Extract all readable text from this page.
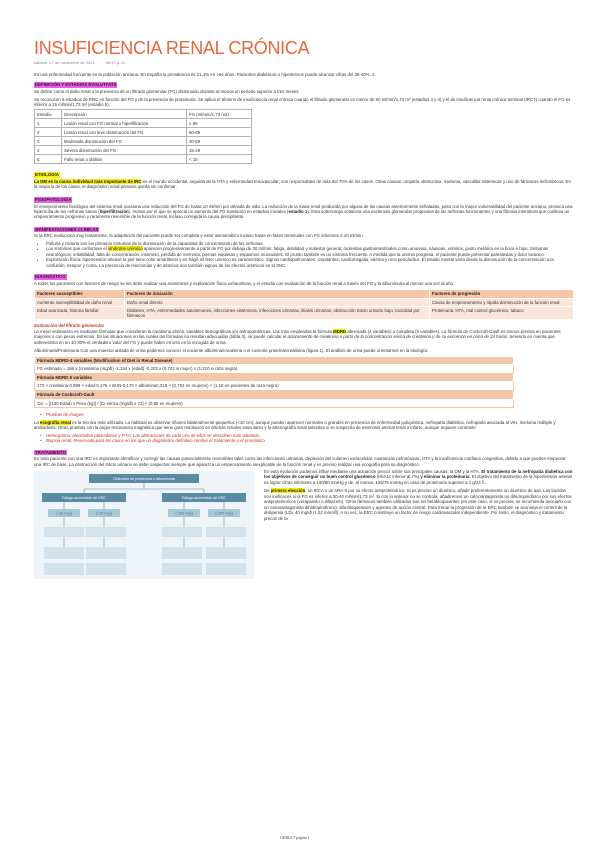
INSUFICIENCIA RENAL CRÓNICA
sábado, 27 de noviembre de 2021	06:47 p. m.

Es una enfermedad frecuente en la población anciana. En España la prevalencia es 21,4% en >64 años. Pacientes diabéticos o hipertensos puede alcanzar cifras del 35-40%. 2.

DEFINICIÓN Y ESTADIOS EVOLUTIVOS

Se define como el daño renal o la presencia de un filtrado glomerular (FG) disminuido durante al menos un periodo superior a tres meses.

Se reconocen 5 estadios de ERC en función del FG y de la presencia de proteinuria. Se aplica el término de insuficiencia renal crónica cuando el filtrado glomerular es menor de 60 ml/min/1,73 m² (estadios 3 y 4) y el de insuficiencia renal crónica terminal (IRCT) cuando el FG es inferior a 15 ml/min/1,73 m² (estadio 5).

Estadio	Descripción	FG (ml/min/1,73 m2)
1	Lesión renal con FG normal o hiperfiltración	≥ 90
2	Lesión renal con leve disminución del FG	60-89
3	Moderada disminución del FG	30-59
4	Severa disminución del FG	15-29
5	Fallo renal o diálisis	< 15
ETIOLOGÍA

La DM es la causa individual más importante de IRC en el mundo occidental, seguida de la HTA y enfermedad renovascular; son responsables de más del 70% de los casos. Otras causas: uropatía obstructiva, mieloma, vasculitis sistémicas y uso de fármacos nefrotóxicos. En la mayoría de los casos, el diagnóstico renal primario queda sin confirmar.

FISIOPATOLOGÍA

El envejecimiento fisiológico del sistema renal ocasiona una reducción del FG de hasta 10 ml/min por década de vida. La reducción de la masa renal producida por alguna de las causas anteriormente señaladas, junto con la mayor vulnerabilidad del paciente anciano, provoca una hipertrofia de las nefronas sanas (hiperfiltración), motivo por el que se aprecia un aumento del FG transitorio en estadios iniciales (estadio 1). Esta sobrecarga ocasiona una esclerosis glomerular progresiva de las nefronas funcionantes y una fibrosis intersticial que conlleva un empeoramiento progresivo y raramente reversible de la función renal, incluso corregida la causa precipitante.

MANIFESTACIONES CLÍNICAS

Si la ERC evoluciona muy lentamente, la adaptación del paciente puede ser completa y estar asintomático incluso hasta en fases terminales con FG inferiores a 10 ml/min.

• Poliuria y nicturia son los primeros síntomas de la disminución de la capacidad de concentración de las nefronas.
• Los síntomas que conforman el síndrome urémico aparecen progresivamente a partir de FG por debajo de 30 ml/min: fatiga, debilidad y malestar general; molestias gastrointestinales como anorexia, náuseas, vómitos, gusto metálico en la boca e hipo. Síntomas neurológicos: irritabilidad, falta de concentración, insomnio, pérdida de memoria, piernas inquietas y espasmos musculares. El prurito también es un síntoma frecuente. A medida que la uremia progresa, el paciente puede presentar parestesias y dolor torácico.
• Exploración física: hipertensión arterial; la piel tiene color amarillento y es frágil. El fetor urémico es característico. Signos cardiopulmonares: crepitantes, cardiomegalia, edema y roce pericárdico. El estado mental varía desde la disminución de la concentración a la confusión, estupor y coma. La presencia de miocIonías y de asterixis son también signos de los efectos urémicos en el SNC.
DIAGNÓSTICO

A todos los pacientes con factores de riesgo se les debe realizar una anamnesis y exploración física exhaustivas, y el estudio con evaluación de la función renal a través del FG y la albuminuria al menos una vez al año.

Factores susceptibles	Factores de iniciación	Factores de progresión
Aumento susceptibilidad de daño renal	Daño renal directo	Causa de empeoramiento y rápida disminución de la función renal
Edad avanzada, historia familiar	Diabetes, HTA, enfermedades autoinmunes, infecciones sistémicas, infecciones urinarias, litiasis urinarias, obstrucción tracto urinario bajo, toxicidad por fármacos	Proteinuria, HTA, mal control glucémico, tabaco
Estimación del filtrado glomerular

La mejor estimación es mediante fórmulas que consideran la creatinina sérica, variables demográficas y/o antropométricas. Las más empleadas la fórmula MDRD abreviada (4 variables) o completa (6 variables). La fórmula de Cockcroft-Gault es menos precisa en pacientes mayores o con pesos extremos. En las situaciones en las cuales las fórmulas no resultan adecuadas (tabla 3), se puede calcular el aclaramiento de creatinina a partir de la concentración sérica de creatinina y de su excreción en orina de 24 horas, teniendo en cuenta que sobreestima en un 10-30% el verdadero valor del FG y puede haber errores en la recogida de orina.

Albuminuria/Proteinuria Con una muestra aislada de orina podemos conocer el cociente albúmina/creatinina o el cociente proteína/creatinina (figura 1). El análisis de orina puede orientarnos en la etiología.

Fórmula MDRD-4 variables (Modification of Diet in Renal Disease)
FG estimado = 186 x (creatinina (mg/dl) -1,154 x (edad) -0,203 x (0,742 si mujer) x (1,210 si raza negra)
Fórmula MDRD 6 variables
170 × creatinina-0,999 × edad-0,176 × BUN-0,170 × albúmina0,318 × (0,762 en mujeres) × (1,18 en pacientes de raza negra)
Fórmula de Cockcroft-Gault
Ccr = [(140-Edad) x Peso (kg)] / [Cr sérica (mg/dl) x 72] × (0,85 en mujeres)
• Pruebas de imagen

La ecografía renal es la técnica más utilizada. Lo habitual es observar riñones bilateralmente pequeños (<10 cm), aunque pueden aparecer normales o grandes en presencia de enfermedad poliquística, nefropatía diabética, nefropatía asociada al VIH, mieloma múltiple y amiloidosis. Otras pruebas con la angio-resonancia magnética que tiene gran resolución en arterias renales vasculares y la arteriografía renal selectiva si se sospecha de estenosis arterial renal o infarto, aunque requiere contraste.

• Hemograma, electrolitos plasmáticos y PTH: Las alteraciones de cada uno de ellos se describen más adelante.
• Biopsia renal. Reservada para los casos en los que un diagnóstico definitivo cambie el tratamiento o el pronóstico.
TRATAMIENTO

En todo paciente con una IRC es importante identificar y corregir las causas potencialmente reversibles tales como las infecciones urinarias, depleción del volumen extracelular, sustancias nefrotóxicas, HTA y la insuficiencia cardíaca congestiva, debido a que pueden empeorar una IRC de base. La obstrucción del tracto urinario se debe sospechar siempre que aparezca un empeoramiento inexplicable de la función renal y es preciso realizar una ecografía para su diagnóstico.

Detección de proteinuria o albuminuria
Riesgo aumentado de ERC	Riesgo aumentado de ERC
< 30 mg/g	≥ 30 mg/g	< 200 mg/g	≥ 200 mg/g

En esta evolución podemos influir mediante una actuación precoz sobre sus principales causas: la DM y la HTA. El tratamiento de la nefropatía diabética con los objetivos de conseguir un buen control glucémico (HbA1c inferior al 7%) y eliminar la proteinuria. El objetivo del tratamiento de la hipertensión arterial es lograr cifras inferiores a 130/80 mmHg y de, al menos, 125/75 mmHg en caso de proteinuria superior a 1 g/24 h.

De primera elección, un IECA o un ARA-II por su efecto antiproteinúrico. Si es preciso un diurético, añadir preferentemente un diurético de asa. Las tiazidas son ineficaces si el FG es inferior a 30-40 ml/min/1,73 m². Si con lo anterior no se controla, añadiremos un calcioantagonista no dihidropiridínico por sus efectos antiproteinúricos (verapamilo o diltiazem). Otros fármacos también utilizados son los betabloqueantes (en este caso, si es preciso, se recomienda asociarlo con un calcioantagonista dihidropiridínico), alfa-bloqueantes y agentes de acción central. Para frenar la progresión de la ERC también se aconseja el control de la dislipemia (LDL 40 mg/dl (1,02 mmol/l). A su vez, la ERC constituye un factor de riesgo cardiovascular independiente. Por tanto, el diagnóstico y tratamiento precoz de la

GERIA 7 página 1
